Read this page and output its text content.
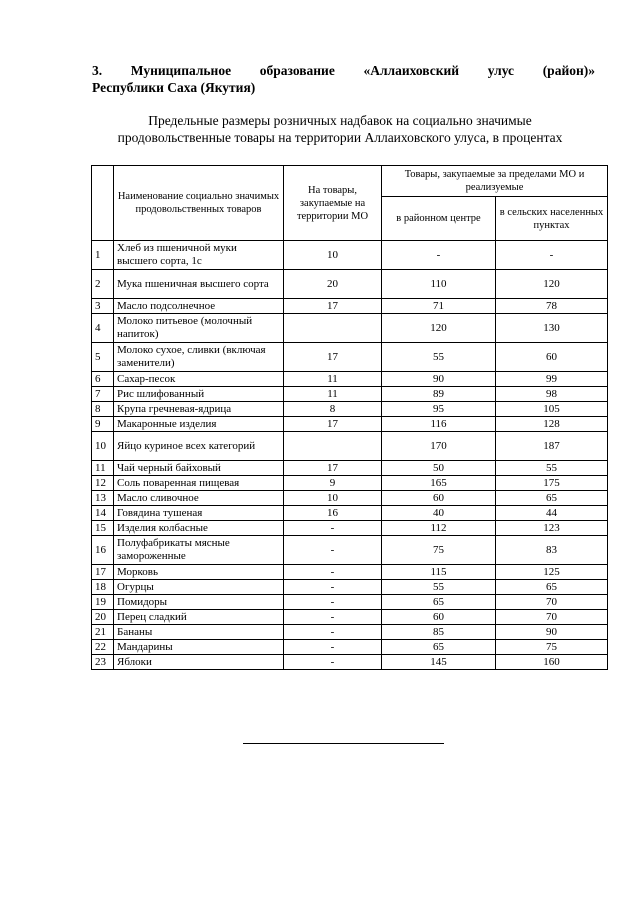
3. Муниципальное образование «Аллаиховский улус (район)»
Республики Саха (Якутия)
Предельные размеры розничных надбавок на социально значимые
продовольственные товары на территории Аллаиховского улуса, в процентах
	Наименование социально значимых продовольственных товаров	На товары, закупаемые на территории МО	Товары, закупаемые за пределами МО и реализуемые	
			в районном центре	в сельских населенных пунктах
1	Хлеб из пшеничной муки высшего сорта, 1с	10	-	-
2	Мука пшеничная высшего сорта	20	110	120
3	Масло подсолнечное	17	71	78
4	Молоко питьевое (молочный напиток)		120	130
5	Молоко сухое, сливки (включая заменители)	17	55	60
6	Сахар-песок	11	90	99
7	Рис шлифованный	11	89	98
8	Крупа гречневая-ядрица	8	95	105
9	Макаронные изделия	17	116	128
10	Яйцо куриное всех категорий		170	187
11	Чай черный байховый	17	50	55
12	Соль поваренная пищевая	9	165	175
13	Масло сливочное	10	60	65
14	Говядина тушеная	16	40	44
15	Изделия колбасные	-	112	123
16	Полуфабрикаты мясные замороженные	-	75	83
17	Морковь	-	115	125
18	Огурцы	-	55	65
19	Помидоры	-	65	70
20	Перец сладкий	-	60	70
21	Бананы	-	85	90
22	Мандарины	-	65	75
23	Яблоки	-	145	160
